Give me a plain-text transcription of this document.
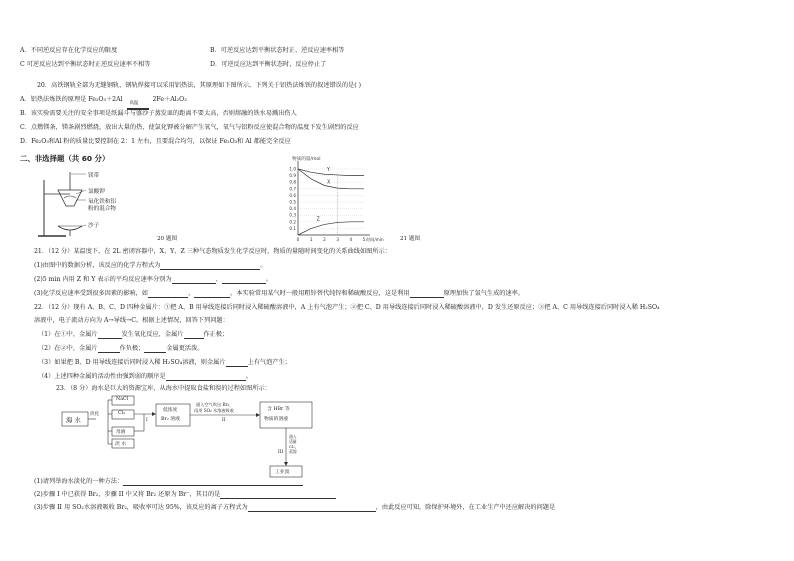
A．不同逆反应存在化学反应的限度	B．可逆反应达到平衡状态时正、逆反应速率相等
C 可逆反应达到平衡状态时正逆反应速率不相等	D．可逆反应达到平衡状态时，反应停止了
20．高铁钢轨全部为无缝钢轨，钢轨焊接可以采用铝热法，其原理如下图所示。下列关于铝热法炼铁的叙述错误的是( )
A．铝热法炼铁的原理是 Fe₂O₃＋2Al
高温
2Fe＋Al₂O₃
B．该实验需要关注的安全事项是纸漏斗与盛沙子蒸发皿的距离不要太高，否则熔融的铁水易溅出伤人
C．点燃镁条，镁条剧烈燃烧，放出大量的热，使氯化钾被分解产生氧气，氧气与铝粉反应使混合物的温度下发生剧烈的反应
D．Fe₂O₃和Al 粉的质量比要控制在 2：1 左右，且要混合均匀，以保证 Fe₂O₃和 Al 都能完全反应
二、非选择题（共 60 分）
镁带
氯酸钾
氧化铁和铝
粉的混合物
沙子
20 题图
物质的量/mol
1.0
0.9
0.8
0.7
0.6
0.5
0.4
0.3
0.2
0.1
0	1	2	3	4	5 时间/min
Y
X
Z
21 题图
21．（12 分）某温度下，在 2L 密闭容器中，X、Y、Z 三种气态物质发生化学反应时，物质的量随时间变化的关系曲线如图所示：
(1)由图中的数据分析，该反应的化学方程式为	。
(2)5 min 内用 Z 和 Y 表示的平均反应速率分别为	、	。
(3)化学反应速率受到很多因素的影响，如	、	。本实验常用某气时一般用粗锌替代纯锌和稀硫酸反应，这是利用	原理加快了氢气生成的速率。
22．（12 分）现有 A、B、C、D 四种金属片：①把 A、B 用导线连接后同时浸入稀硫酸溶液中，A 上有气泡产生；②把 C、D 用导线连接后同时浸入稀硫酸溶液中，D 发生还原反应；③把 A、C 用导线连接后同时浸入稀 H₂SO₄
溶液中，电子流动方向为 A→导线→C。根据上述情况，回答下列问题：
（1）在①中，金属片	发生氧化反应，金属片	作正极；
（2）在②中，金属片	作负极；	金属更活泼。
（3）如果把 B、D 用导线连接后同时浸入稀 H₂SO₄溶液，则金属片	上有气泡产生；
（4）上述四种金属的活动性由强到弱的顺序是	。
23．（8 分）海水是巨大的资源宝库，从海水中提取食盐和溴的过程如图所示：
海 水
淡化
NaCl
Cl₂
母液
淡 水
低浓度
Br₂ 溶液
I
通入空气吹出 Br₂，
再用 SO₂ 水溶液吸收
II
含 HBr 等
物质的溶液
通入适量Cl₂，蒸馏
III
工业溴
(1)请列举海水淡化的一种方法：
(2)步骤 I 中已获得 Br₂，步骤 II 中又将 Br₂ 还原为 Br⁻，其目的是
(3)步骤 II 用 SO₂水溶液吸收 Br₂，吸收率可达 95%，该反应的离子方程式为	，由此反应可知，除保护环境外，在工业生产中还应解决的问题是
